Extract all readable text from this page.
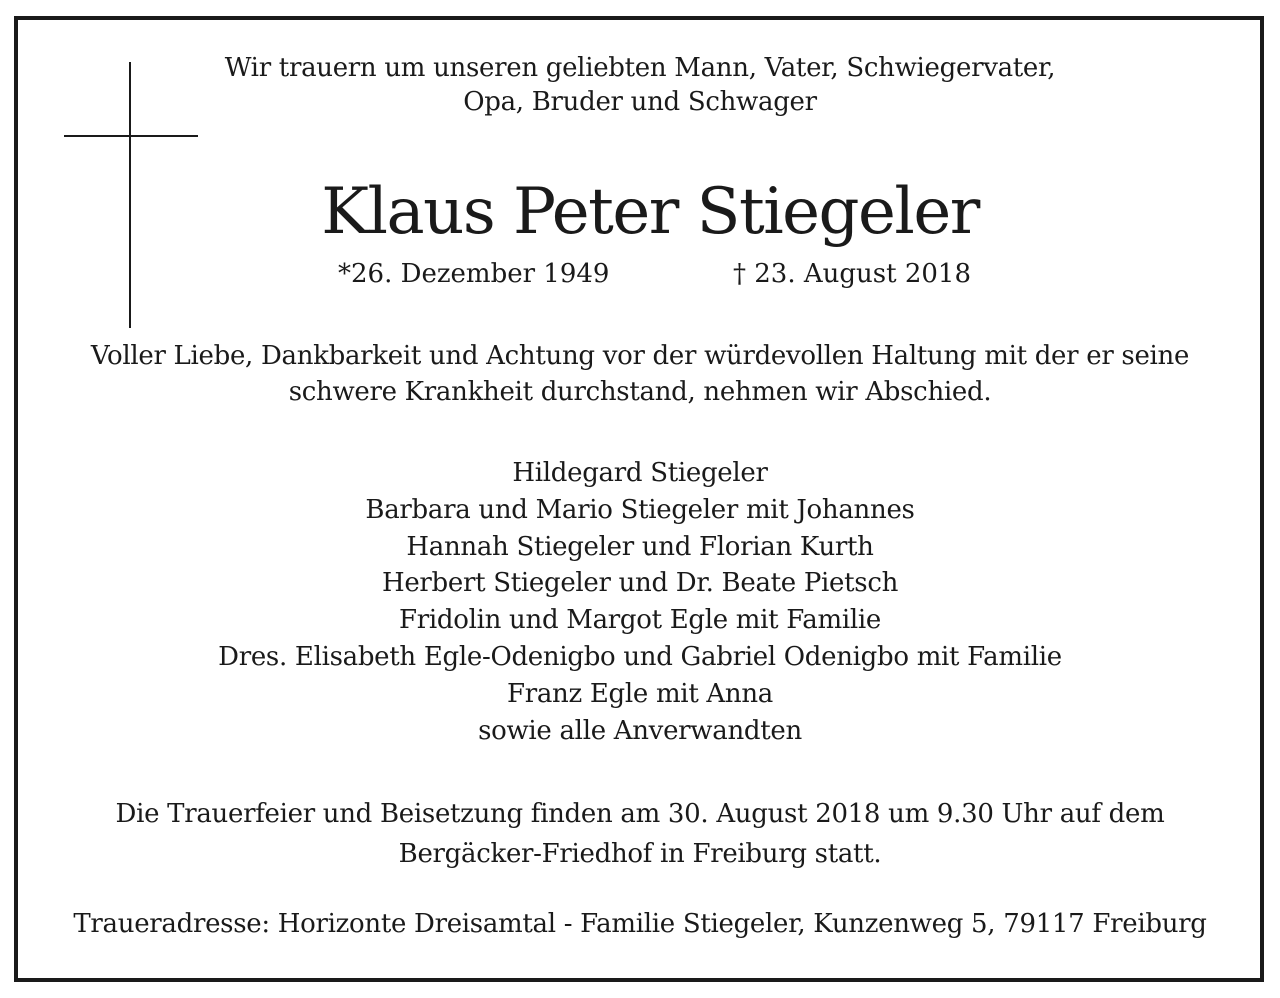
Wir trauern um unseren geliebten Mann, Vater, Schwiegervater,
Opa, Bruder und Schwager
Klaus Peter Stiegeler
*26. Dezember 1949	† 23. August 2018
Voller Liebe, Dankbarkeit und Achtung vor der würdevollen Haltung mit der er seine
schwere Krankheit durchstand, nehmen wir Abschied.
Hildegard Stiegeler
Barbara und Mario Stiegeler mit Johannes
Hannah Stiegeler und Florian Kurth
Herbert Stiegeler und Dr. Beate Pietsch
Fridolin und Margot Egle mit Familie
Dres. Elisabeth Egle-Odenigbo und Gabriel Odenigbo mit Familie
Franz Egle mit Anna
sowie alle Anverwandten
Die Trauerfeier und Beisetzung finden am 30. August 2018 um 9.30 Uhr auf dem
Bergäcker-Friedhof in Freiburg statt.
Traueradresse: Horizonte Dreisamtal - Familie Stiegeler, Kunzenweg 5, 79117 Freiburg
